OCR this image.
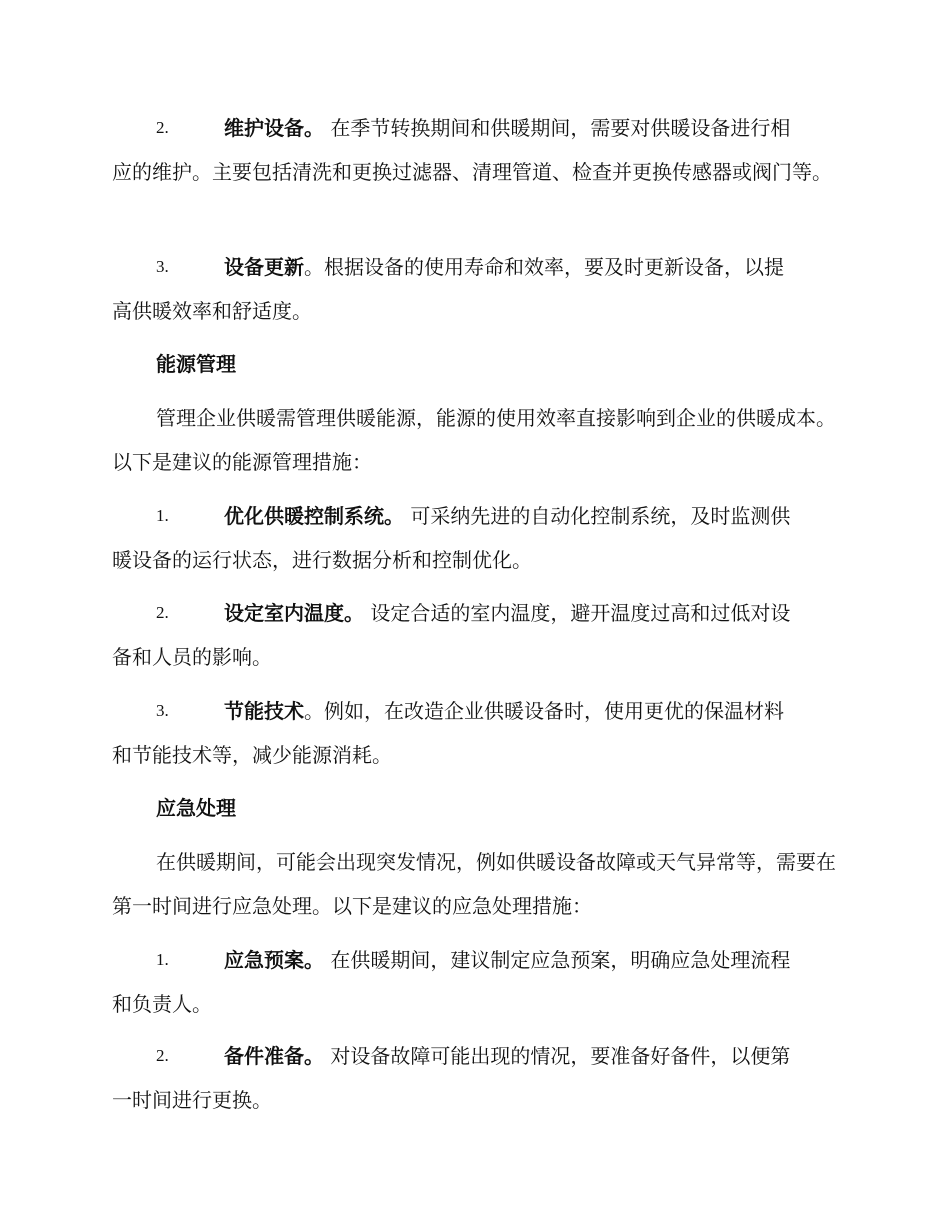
2.	维护设备。 在季节转换期间和供暖期间，需要对供暖设备进行相
应的维护。主要包括清洗和更换过滤器、清理管道、检查并更换传感器或阀门等。
3.	设备更新。根据设备的使用寿命和效率，要及时更新设备，以提
高供暖效率和舒适度。
能源管理
管理企业供暖需管理供暖能源，能源的使用效率直接影响到企业的供暖成本。以下是建议的能源管理措施：
1.	优化供暖控制系统。 可采纳先进的自动化控制系统，及时监测供
暖设备的运行状态，进行数据分析和控制优化。
2.	设定室内温度。 设定合适的室内温度，避开温度过高和过低对设
备和人员的影响。
3.	节能技术。例如，在改造企业供暖设备时，使用更优的保温材料
和节能技术等，减少能源消耗。
应急处理
在供暖期间，可能会出现突发情况，例如供暖设备故障或天气异常等，需要在第一时间进行应急处理。以下是建议的应急处理措施：
1.	应急预案。 在供暖期间，建议制定应急预案，明确应急处理流程
和负责人。
2.	备件准备。 对设备故障可能出现的情况，要准备好备件，以便第
一时间进行更换。
